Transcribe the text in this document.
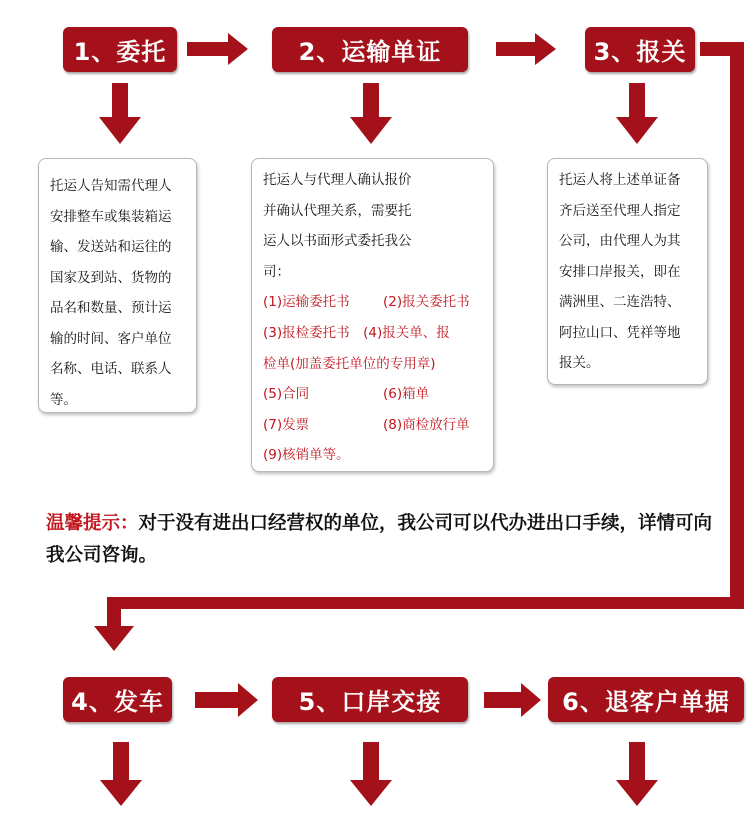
1、委托	2、运输单证	3、报关

托运人告知需代理人

安排整车或集装箱运

输、发送站和运往的

国家及到站、货物的

品名和数量、预计运

输的时间、客户单位

名称、电话、联系人

等。

托运人与代理人确认报价

并确认代理关系，需要托

运人以书面形式委托我公

司：

(1)运输委托书	(2)报关委托书

(3)报检委托书　(4)报关单、报

检单(加盖委托单位的专用章)

(5)合同	(6)箱单

(7)发票	(8)商检放行单

(9)核销单等。

托运人将上述单证备

齐后送至代理人指定

公司，由代理人为其

安排口岸报关，即在

满洲里、二连浩特、

阿拉山口、凭祥等地

报关。

温馨提示：对于没有进出口经营权的单位，我公司可以代办进出口手续，详情可向我公司咨询。
4、发车	5、口岸交接	6、退客户单据
